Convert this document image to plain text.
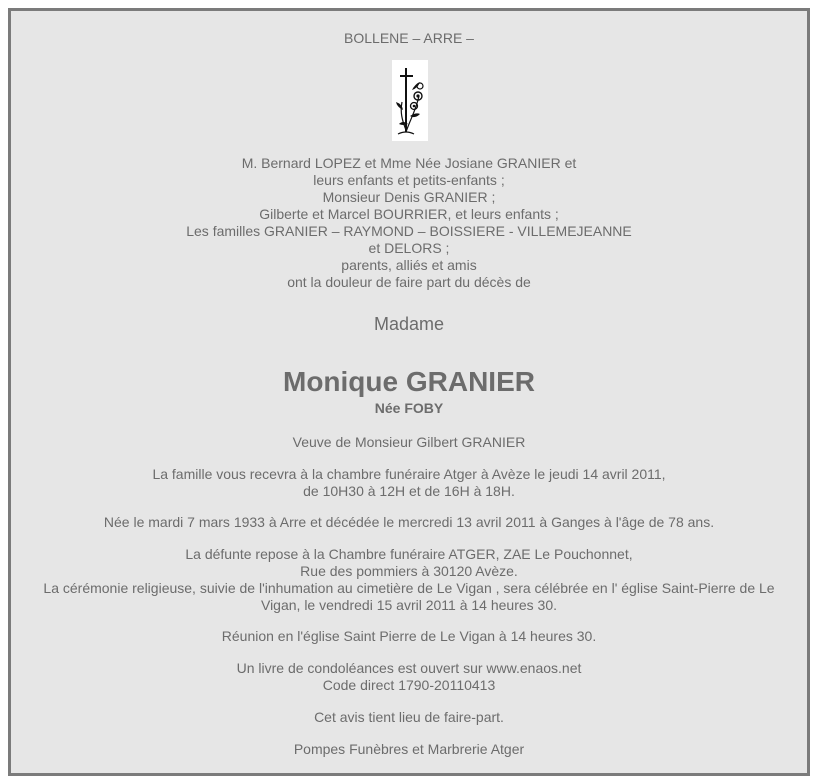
BOLLENE – ARRE –
M. Bernard LOPEZ et Mme Née Josiane GRANIER et
leurs enfants et petits-enfants ;
Monsieur Denis GRANIER ;
Gilberte et Marcel BOURRIER, et leurs enfants ;
Les familles GRANIER – RAYMOND – BOISSIERE - VILLEMEJEANNE
et DELORS ;
parents, alliés et amis
ont la douleur de faire part du décès de
Madame
Monique GRANIER
Née FOBY
Veuve de Monsieur Gilbert GRANIER
La famille vous recevra à la chambre funéraire Atger à Avèze le jeudi 14 avril 2011,
de 10H30 à 12H et de 16H à 18H.
Née le mardi 7 mars 1933 à Arre et décédée le mercredi 13 avril 2011 à Ganges à l'âge de 78 ans.
La défunte repose à la Chambre funéraire ATGER, ZAE Le Pouchonnet,
Rue des pommiers à 30120 Avèze.
La cérémonie religieuse, suivie de l'inhumation au cimetière de Le Vigan , sera célébrée en l' église Saint-Pierre de Le
Vigan, le vendredi 15 avril 2011 à 14 heures 30.
Réunion en l'église Saint Pierre de Le Vigan à 14 heures 30.
Un livre de condoléances est ouvert sur www.enaos.net
Code direct 1790-20110413
Cet avis tient lieu de faire-part.
Pompes Funèbres et Marbrerie Atger
